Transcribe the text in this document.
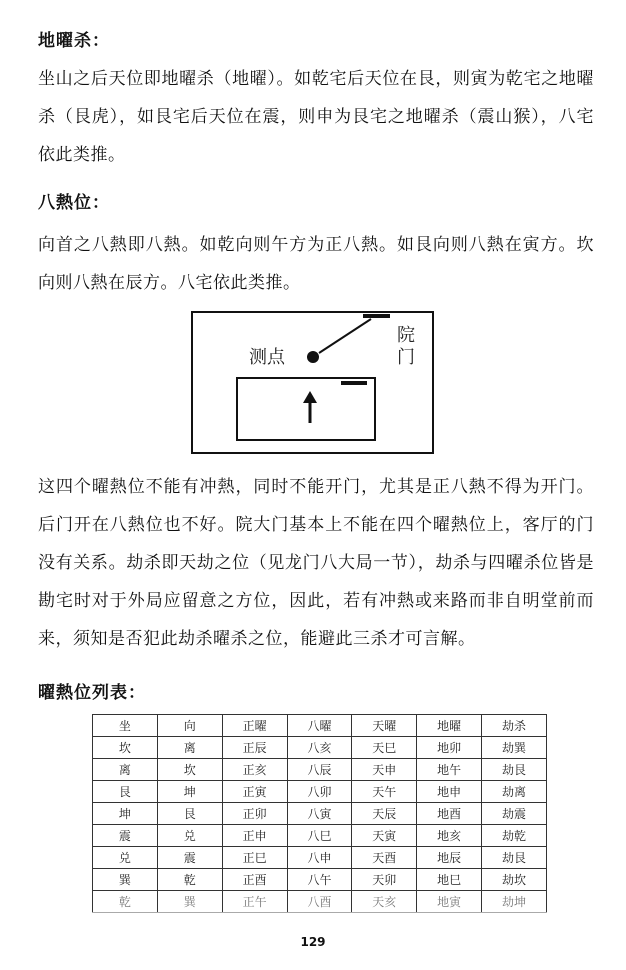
地曜杀：

坐山之后天位即地曜杀（地曜）。如乾宅后天位在艮，则寅为乾宅之地曜杀（艮虎），如艮宅后天位在震，则申为艮宅之地曜杀（震山猴），八宅依此类推。

八熱位：

向首之八熱即八熱。如乾向则午方为正八熱。如艮向则八熱在寅方。坎向则八熱在辰方。八宅依此类推。

测点
院门

这四个曜熱位不能有冲熱，同时不能开门，尤其是正八熱不得为开门。后门开在八熱位也不好。院大门基本上不能在四个曜熱位上，客厅的门没有关系。劫杀即天劫之位（见龙门八大局一节），劫杀与四曜杀位皆是勘宅时对于外局应留意之方位，因此，若有冲熱或来路而非自明堂前而来，须知是否犯此劫杀曜杀之位，能避此三杀才可言解。

曜熱位列表：
坐	向	正曜	八曜	天曜	地曜	劫杀
坎	离	正辰	八亥	天巳	地卯	劫巽
离	坎	正亥	八辰	天申	地午	劫艮
艮	坤	正寅	八卯	天午	地申	劫离
坤	艮	正卯	八寅	天辰	地酉	劫震
震	兑	正申	八巳	天寅	地亥	劫乾
兑	震	正巳	八申	天酉	地辰	劫艮
巽	乾	正酉	八午	天卯	地巳	劫坎
乾	巽	正午	八酉	天亥	地寅	劫坤
129
